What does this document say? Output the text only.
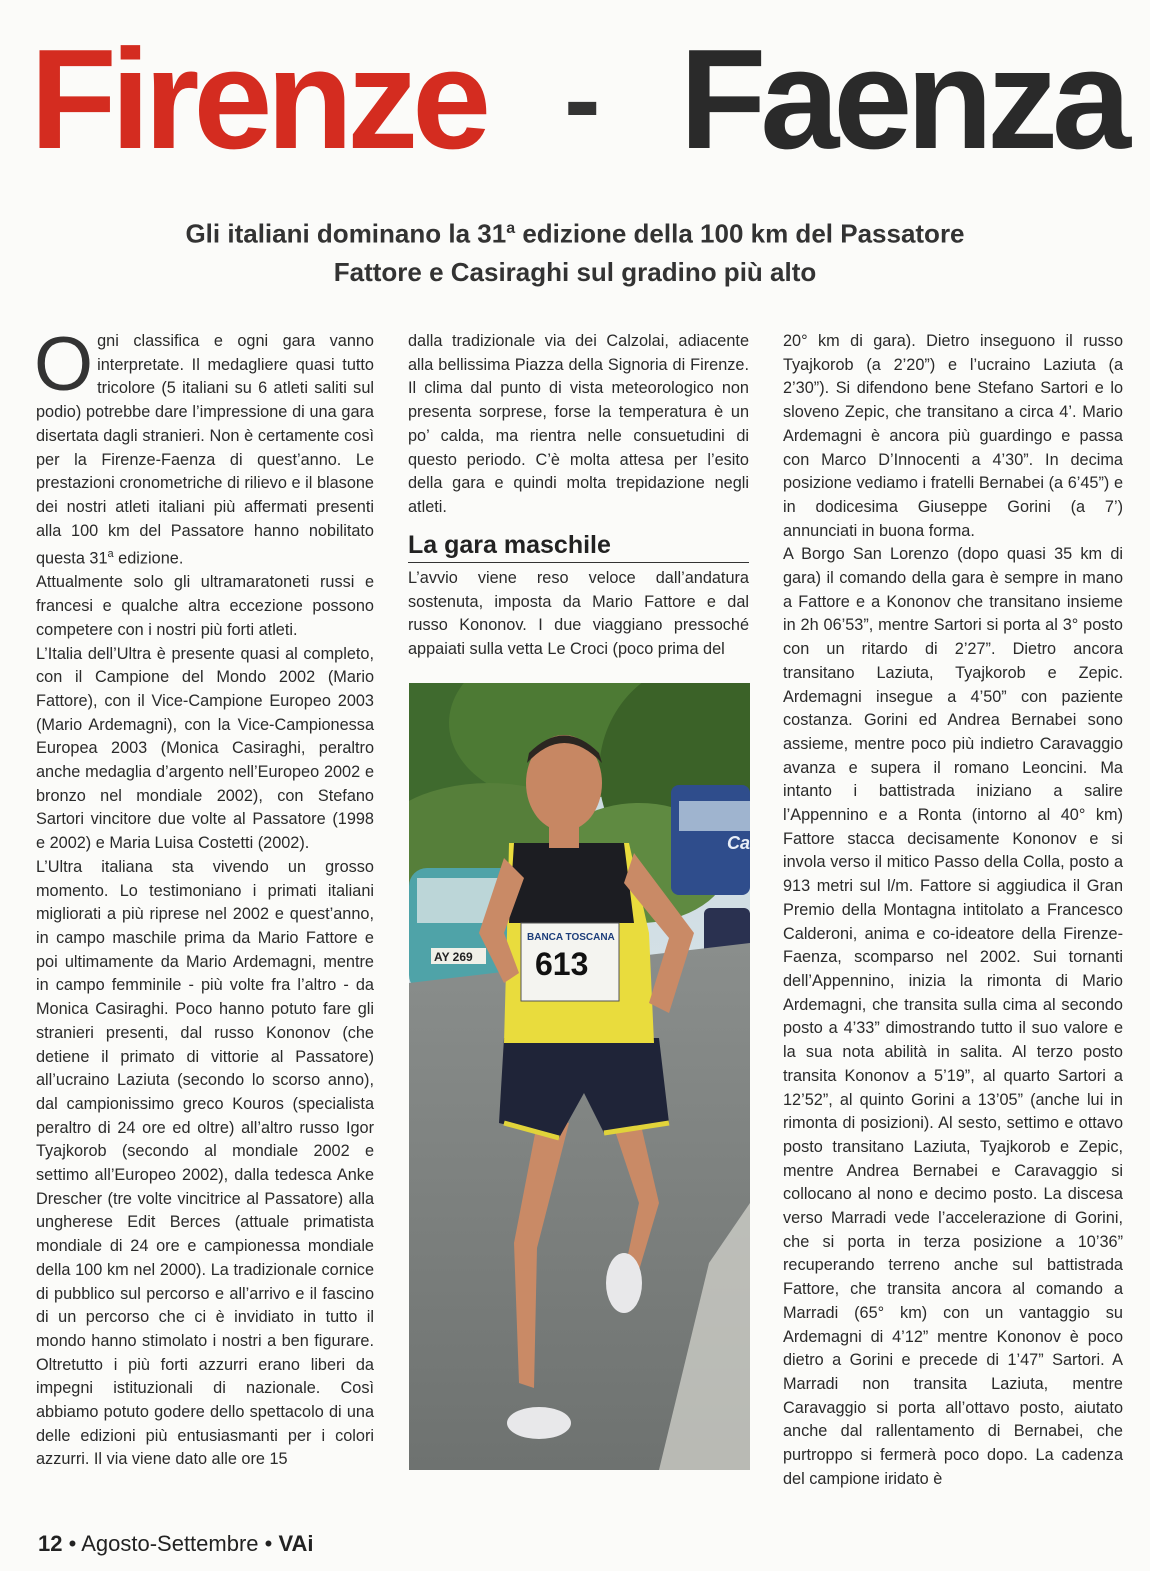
Firenze - Faenza
Gli italiani dominano la 31$^a$ edizione della 100 km del Passatore
Fattore e Casiraghi sul gradino più alto

Ogni classifica e ogni gara vanno interpretate. Il medagliere quasi tutto tricolore (5 italiani su 6 atleti saliti sul podio) potrebbe dare l’impressione di una gara disertata dagli stranieri. Non è certamente così per la Firenze-Faenza di quest’anno. Le prestazioni cronometriche di rilievo e il blasone dei nostri atleti italiani più affermati presenti alla 100 km del Passatore hanno nobilitato questa 31$^a$ edizione.

Attualmente solo gli ultramaratoneti russi e francesi e qualche altra eccezione possono competere con i nostri più forti atleti.

L’Italia dell’Ultra è presente quasi al completo, con il Campione del Mondo 2002 (Mario Fattore), con il Vice-Campione Europeo 2003 (Mario Ardemagni), con la Vice-Campionessa Europea 2003 (Monica Casiraghi, peraltro anche medaglia d’argento nell’Europeo 2002 e bronzo nel mondiale 2002), con Stefano Sartori vincitore due volte al Passatore (1998 e 2002) e Maria Luisa Costetti (2002).

L’Ultra italiana sta vivendo un grosso momento. Lo testimoniano i primati italiani migliorati a più riprese nel 2002 e quest’anno, in campo maschile prima da Mario Fattore e poi ultimamente da Mario Ardemagni, mentre in campo femminile - più volte fra l’altro - da Monica Casiraghi. Poco hanno potuto fare gli stranieri presenti, dal russo Kononov (che detiene il primato di vittorie al Passatore) all’ucraino Laziuta (secondo lo scorso anno), dal campionissimo greco Kouros (specialista peraltro di 24 ore ed oltre) all’altro russo Igor Tyajkorob (secondo al mondiale 2002 e settimo all’Europeo 2002), dalla tedesca Anke Drescher (tre volte vincitrice al Passatore) alla ungherese Edit Berces (attuale primatista mondiale di 24 ore e campionessa mondiale della 100 km nel 2000). La tradizionale cornice di pubblico sul percorso e all’arrivo e il fascino di un percorso che ci è invidiato in tutto il mondo hanno stimolato i nostri a ben figurare. Oltretutto i più forti azzurri erano liberi da impegni istituzionali di nazionale. Così abbiamo potuto godere dello spettacolo di una delle edizioni più entusiasmanti per i colori azzurri. Il via viene dato alle ore 15

dalla tradizionale via dei Calzolai, adiacente alla bellissima Piazza della Signoria di Firenze. Il clima dal punto di vista meteorologico non presenta sorprese, forse la temperatura è un po’ calda, ma rientra nelle consuetudini di questo periodo. C’è molta attesa per l’esito della gara e quindi molta trepidazione negli atleti.

La gara maschile

L’avvio viene reso veloce dall’andatura sostenuta, imposta da Mario Fattore e dal russo Kononov. I due viaggiano pressoché appaiati sulla vetta Le Croci (poco prima del

Ca
AY 269
BANCA TOSCANA
613

20° km di gara). Dietro inseguono il russo Tyajkorob (a 2’20”) e l’ucraino Laziuta (a 2’30”). Si difendono bene Stefano Sartori e lo sloveno Zepic, che transitano a circa 4’. Mario Ardemagni è ancora più guardingo e passa con Marco D’Innocenti a 4’30”. In decima posizione vediamo i fratelli Bernabei (a 6’45”) e in dodicesima Giuseppe Gorini (a 7’) annunciati in buona forma.

A Borgo San Lorenzo (dopo quasi 35 km di gara) il comando della gara è sempre in mano a Fattore e a Kononov che transitano insieme in 2h 06’53”, mentre Sartori si porta al 3° posto con un ritardo di 2’27”. Dietro ancora transitano Laziuta, Tyajkorob e Zepic. Ardemagni insegue a 4’50” con paziente costanza. Gorini ed Andrea Bernabei sono assieme, mentre poco più indietro Caravaggio avanza e supera il romano Leoncini. Ma intanto i battistrada iniziano a salire l’Appennino e a Ronta (intorno al 40° km) Fattore stacca decisamente Kononov e si invola verso il mitico Passo della Colla, posto a 913 metri sul l/m. Fattore si aggiudica il Gran Premio della Montagna intitolato a Francesco Calderoni, anima e co-ideatore della Firenze-Faenza, scomparso nel 2002. Sui tornanti dell’Appennino, inizia la rimonta di Mario Ardemagni, che transita sulla cima al secondo posto a 4’33” dimostrando tutto il suo valore e la sua nota abilità in salita. Al terzo posto transita Kononov a 5’19”, al quarto Sartori a 12’52”, al quinto Gorini a 13’05” (anche lui in rimonta di posizioni). Al sesto, settimo e ottavo posto transitano Laziuta, Tyajkorob e Zepic, mentre Andrea Bernabei e Caravaggio si collocano al nono e decimo posto. La discesa verso Marradi vede l’accelerazione di Gorini, che si porta in terza posizione a 10’36” recuperando terreno anche sul battistrada Fattore, che transita ancora al comando a Marradi (65° km) con un vantaggio su Ardemagni di 4’12” mentre Kononov è poco dietro a Gorini e precede di 1’47” Sartori. A Marradi non transita Laziuta, mentre Caravaggio si porta all’ottavo posto, aiutato anche dal rallentamento di Bernabei, che purtroppo si fermerà poco dopo. La cadenza del campione iridato è

12 • Agosto-Settembre • VAi
